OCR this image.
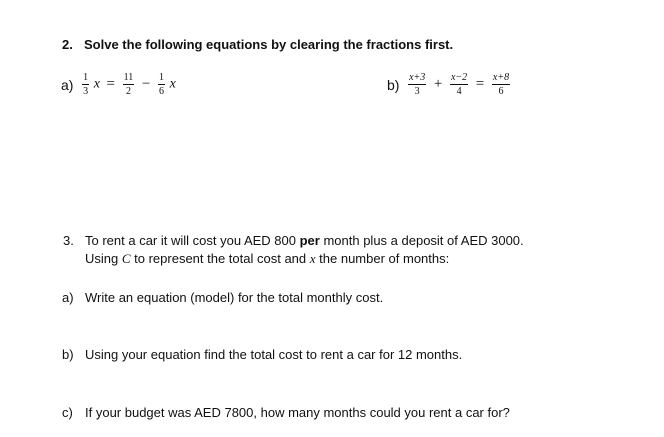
2. Solve the following equations by clearing the fractions first.
$a) \frac{1}{3}$ $x = \frac{11}{2} - \frac{1}{6}$ x	$b) \frac{x+3}{3} + \frac{x-2}{4} = \frac{x+8}{6}$
3. To rent a car it will cost you AED 800 per month plus a deposit of AED 3000.
Using C to represent the total cost and x the number of months:
a) Write an equation (model) for the total monthly cost.
b) Using your equation find the total cost to rent a car for 12 months.
c) If your budget was AED 7800, how many months could you rent a car for?
